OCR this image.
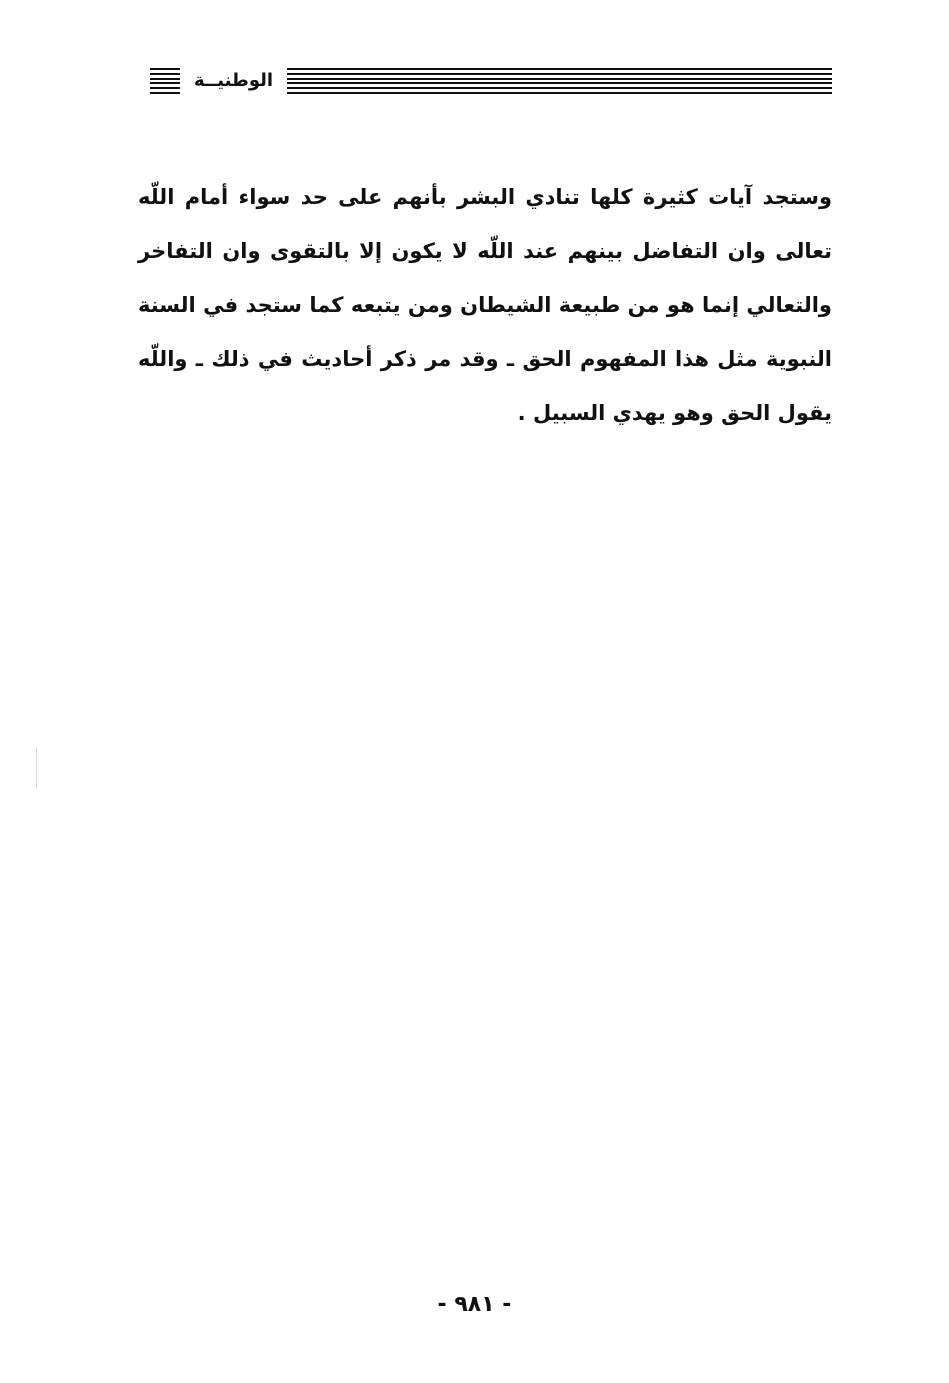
الوطنيــة
وستجد آيات كثيرة كلها تنادي البشر بأنهم على حد سواء أمام اللّه
تعالى وان التفاضل بينهم عند اللّه لا يكون إلا بالتقوى وان التفاخر
والتعالي إنما هو من طبيعة الشيطان ومن يتبعه كما ستجد في السنة
النبوية مثل هذا المفهوم الحق ـ وقد مر ذكر أحاديث في ذلك ـ واللّه
يقول الحق وهو يهدي السبيل .
- ٩٨١ -
